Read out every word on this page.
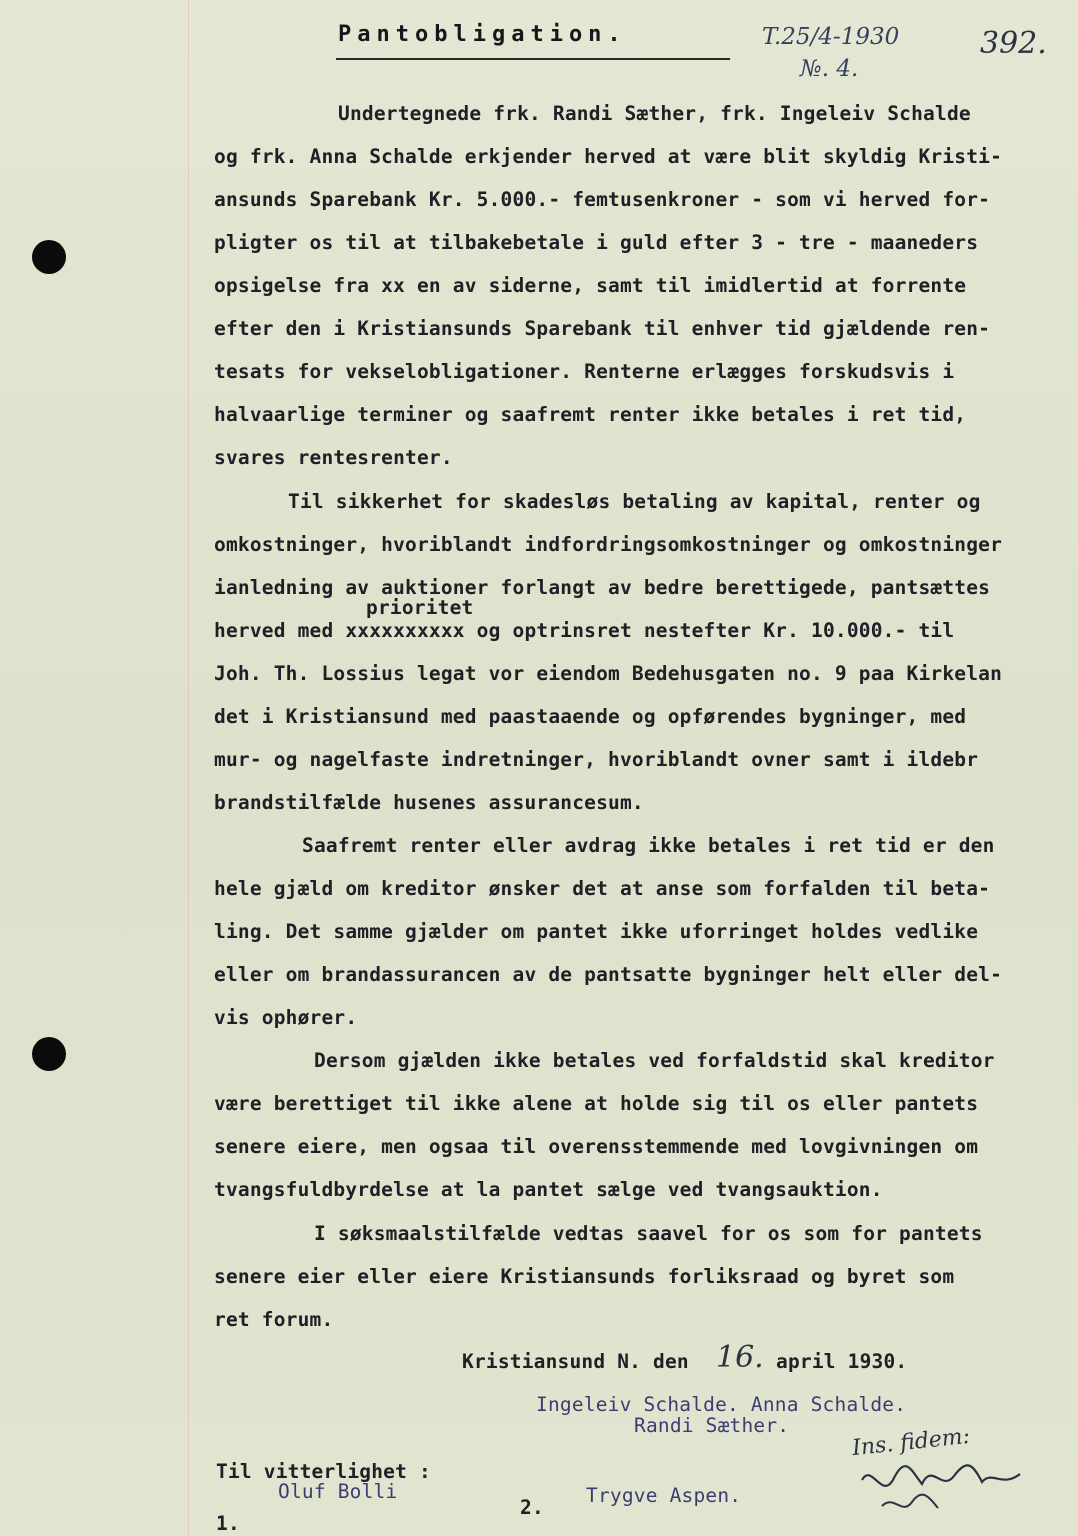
Pantobligation.	T.25/4-1930
№. 4.
392.
Undertegnede frk. Randi Sæther, frk. Ingeleiv Schalde
og frk. Anna Schalde erkjender herved at være blit skyldig Kristi-
ansunds Sparebank Kr. 5.000.- femtusenkroner - som vi herved for-
pligter os til at tilbakebetale i guld efter 3 - tre - maaneders
opsigelse fra xx en av siderne, samt til imidlertid at forrente
efter den i Kristiansunds Sparebank til enhver tid gjældende ren-
tesats for vekselobligationer. Renterne erlægges forskudsvis i
halvaarlige terminer og saafremt renter ikke betales i ret tid,
svares rentesrenter.
Til sikkerhet for skadesløs betaling av kapital, renter og
omkostninger, hvoriblandt indfordringsomkostninger og omkostninger
ianledning av auktioner forlangt av bedre berettigede, pantsættes
prioritet
herved med xxxxxxxxxx og optrinsret nestefter Kr. 10.000.- til
Joh. Th. Lossius legat vor eiendom Bedehusgaten no. 9 paa Kirkelan
det i Kristiansund med paastaaende og opførendes bygninger, med
mur- og nagelfaste indretninger, hvoriblandt ovner samt i ildebr
brandstilfælde husenes assurancesum.
Saafremt renter eller avdrag ikke betales i ret tid er den
hele gjæld om kreditor ønsker det at anse som forfalden til beta-
ling. Det samme gjælder om pantet ikke uforringet holdes vedlike
eller om brandassurancen av de pantsatte bygninger helt eller del-
vis ophører.
Dersom gjælden ikke betales ved forfaldstid skal kreditor
være berettiget til ikke alene at holde sig til os eller pantets
senere eiere, men ogsaa til overensstemmende med lovgivningen om
tvangsfuldbyrdelse at la pantet sælge ved tvangsauktion.
I søksmaalstilfælde vedtas saavel for os som for pantets
senere eier eller eiere Kristiansunds forliksraad og byret som
ret forum.
Kristiansund N. den 16. april 1930.
Ingeleiv Schalde. Anna Schalde.
Randi Sæther.
Til vitterlighet :
Oluf Bolli
1.
2.
Trygve Aspen.
Ins. fidem:
